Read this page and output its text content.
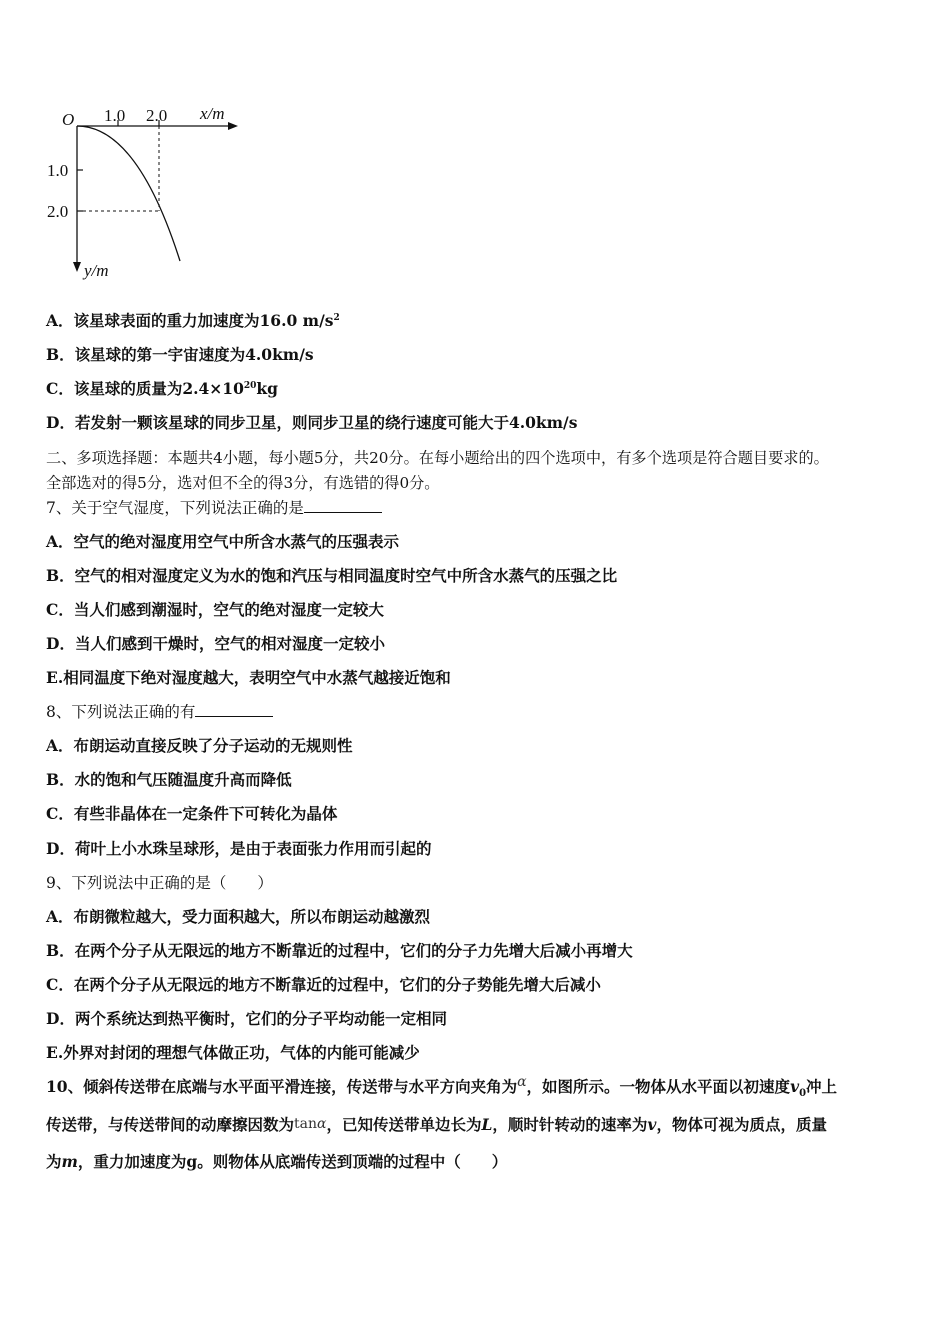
O 1.0 2.0 x/m
1.0
2.0
y/m
A．该星球表面的重力加速度为16.0 $m/s^2$
B．该星球的第一宇宙速度为4.0km/s
C．该星球的质量为$2.4\times 10^{20}kg$
D．若发射一颗该星球的同步卫星，则同步卫星的绕行速度可能大于4.0km/s
二、多项选择题：本题共4小题，每小题5分，共20分。在每小题给出的四个选项中，有多个选项是符合题目要求的。
全部选对的得5分，选对但不全的得3分，有选错的得0分。
7、关于空气湿度，下列说法正确的是
A．空气的绝对湿度用空气中所含水蒸气的压强表示
B．空气的相对湿度定义为水的饱和汽压与相同温度时空气中所含水蒸气的压强之比
C．当人们感到潮湿时，空气的绝对湿度一定较大
D．当人们感到干燥时，空气的相对湿度一定较小
E.相同温度下绝对湿度越大，表明空气中水蒸气越接近饱和
8、下列说法正确的有
A．布朗运动直接反映了分子运动的无规则性
B．水的饱和气压随温度升高而降低
C．有些非晶体在一定条件下可转化为晶体
D．荷叶上小水珠呈球形，是由于表面张力作用而引起的
9、下列说法中正确的是（　　）
A．布朗微粒越大，受力面积越大，所以布朗运动越激烈
B．在两个分子从无限远的地方不断靠近的过程中，它们的分子力先增大后减小再增大
C．在两个分子从无限远的地方不断靠近的过程中，它们的分子势能先增大后减小
D．两个系统达到热平衡时，它们的分子平均动能一定相同
E.外界对封闭的理想气体做正功，气体的内能可能减少
10、倾斜传送带在底端与水平面平滑连接，传送带与水平方向夹角为α，如图所示。一物体从水平面以初速度$v_0$冲上
传送带，与传送带间的动摩擦因数为tanα，已知传送带单边长为L，顺时针转动的速率为v，物体可视为质点，质量
为m，重力加速度为g。则物体从底端传送到顶端的过程中（　　）
